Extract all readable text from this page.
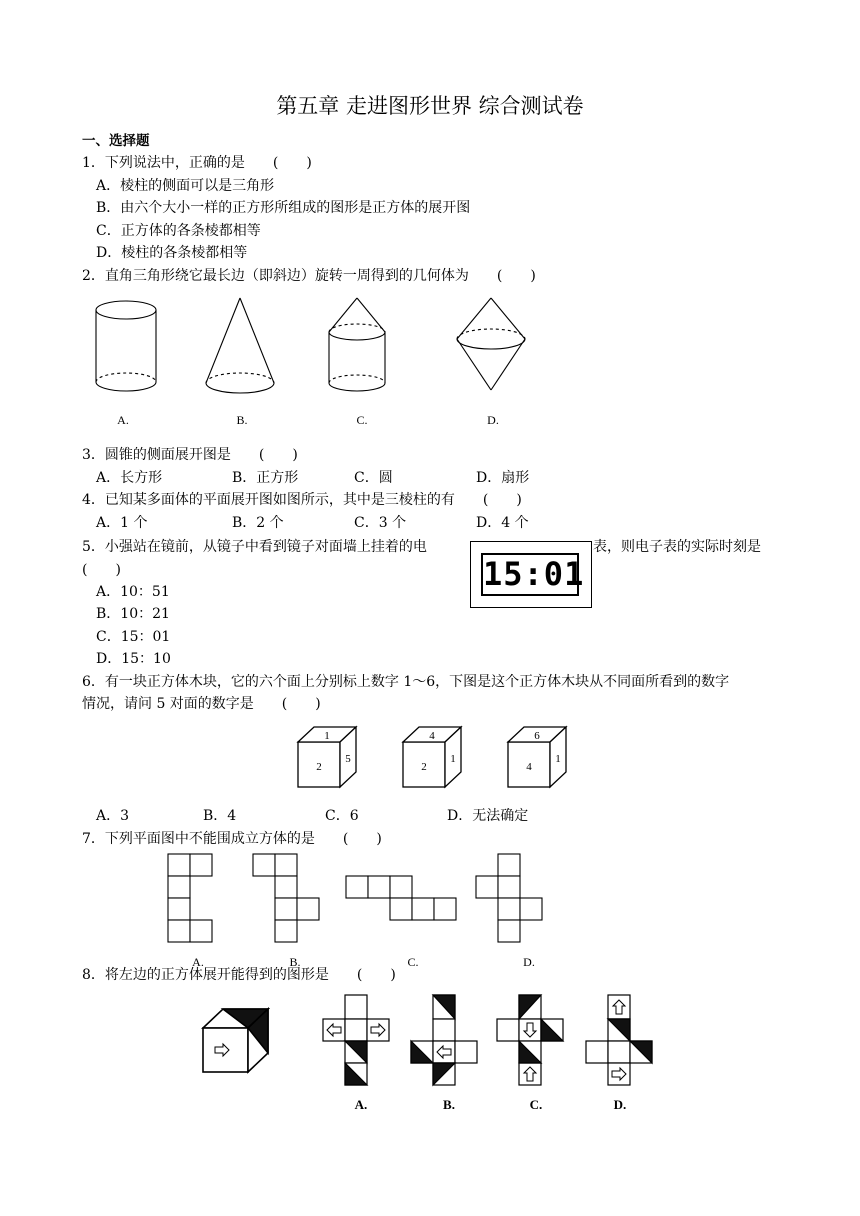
第五章 走进图形世界 综合测试卷
一、选择题
1．下列说法中，正确的是　　(　　)
A．棱柱的侧面可以是三角形
B．由六个大小一样的正方形所组成的图形是正方体的展开图
C．正方体的各条棱都相等
D．棱柱的各条棱都相等
2．直角三角形绕它最长边（即斜边）旋转一周得到的几何体为　　(　　)
A.	B.	C.	D.
3．圆锥的侧面展开图是　　(　　)
A．长方形	B．正方形	C．圆	D．扇形
4．已知某多面体的平面展开图如图所示，其中是三棱柱的有　　(　　)
A．1 个	B．2 个	C．3 个	D．4 个
5．小强站在镜前，从镜子中看到镜子对面墙上挂着的电	表，则电子表的实际时刻是
(　　)	15:01
A．10：51
B．10：21
C．15：01
D．15：10
6．有一块正方体木块，它的六个面上分别标上数字 1～6，下图是这个正方体木块从不同面所看到的数字
情况，请问 5 对面的数字是　　(　　)
1
2
5
4
2
1
6
4
1
A．3	B．4	C．6	D．无法确定
7．下列平面图中不能围成立方体的是　　(　　)
A.	B.	C.	D.
8．将左边的正方体展开能得到的图形是　　(　　)
A.	B.	C.	D.
